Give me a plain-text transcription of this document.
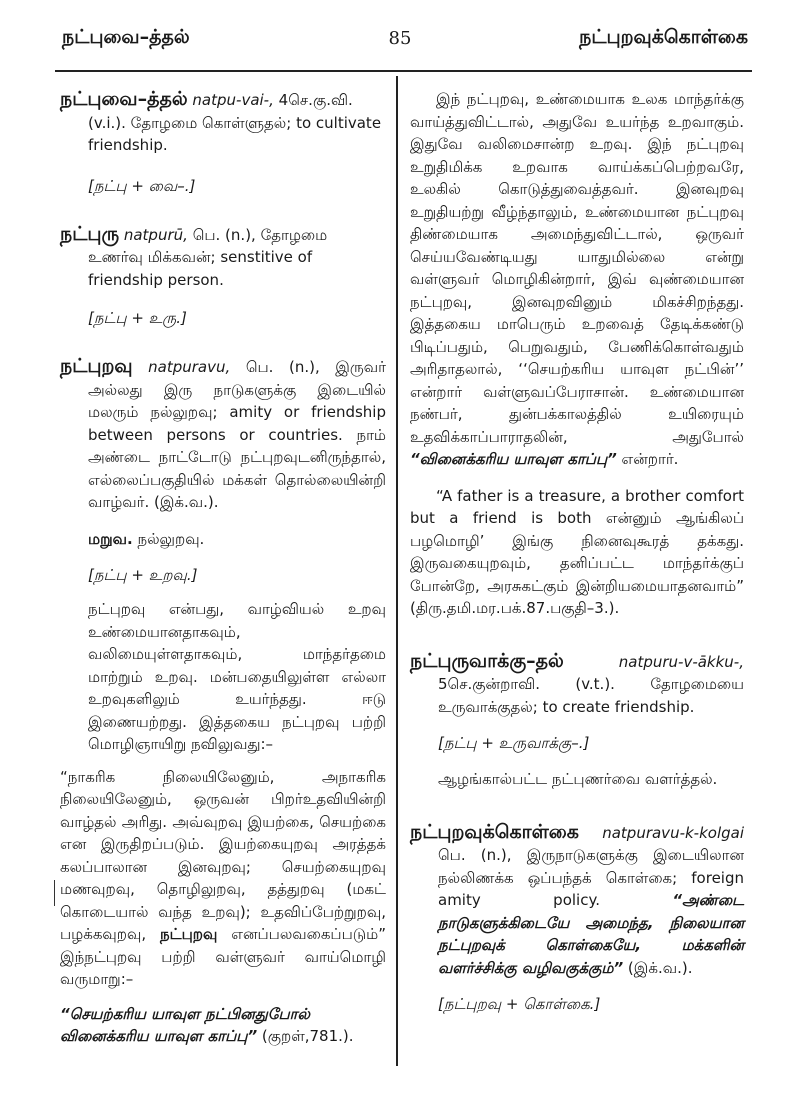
நட்புவை–த்தல்	85	நட்புறவுக்கொள்கை

நட்புவை–த்தல் natpu-vai-, 4செ.கு.வி. (v.i.). தோழமை கொள்ளுதல்; to cultivate friendship.

[நட்பு + வை–.]

நட்புரு natpurū, பெ. (n.), தோழமை உணர்வு மிக்கவன்; senstitive of friendship person.

[நட்பு + உரு.]

நட்புறவு natpuravu, பெ. (n.), இருவர் அல்லது இரு நாடுகளுக்கு இடையில் மலரும் நல்லுறவு; amity or friendship between persons or countries. நாம் அண்டை நாட்டோடு நட்புறவுடனிருந்தால், எல்லைப்பகுதியில் மக்கள் தொல்லையின்றி வாழ்வர். (இக்.வ.).

மறுவ. நல்லுறவு.

[நட்பு + உறவு.]

நட்புறவு என்பது, வாழ்வியல் உறவு உண்மையானதாகவும், வலிமையுள்ளதாகவும், மாந்தர்தமை மாற்றும் உறவு. மன்பதையிலுள்ள எல்லா உறவுகளிலும் உயர்ந்தது. ஈடு இணையற்றது. இத்தகைய நட்புறவு பற்றி மொழிஞாயிறு நவிலுவது:–

“நாகரிக நிலையிலேனும், அநாகரிக நிலையிலேனும், ஒருவன் பிறர்உதவியின்றி வாழ்தல் அரிது. அவ்வுறவு இயற்கை, செயற்கை என இருதிறப்படும். இயற்கையுறவு அரத்தக் கலப்பாலான இனவுறவு; செயற்கையுறவு மணவுறவு, தொழிலுறவு, தத்துறவு (மகட் கொடையால் வந்த உறவு); உதவிப்பேற்றுறவு, பழக்கவுறவு, நட்புறவு எனப்பலவகைப்படும்” இந்நட்புறவு பற்றி வள்ளுவர் வாய்மொழி வருமாறு:–

“செயற்கரிய யாவுள நட்பினதுபோல் வினைக்கரிய யாவுள காப்பு” (குறள்,781.).

இந் நட்புறவு, உண்மையாக உலக மாந்தர்க்கு வாய்த்துவிட்டால், அதுவே உயர்ந்த உறவாகும். இதுவே வலிமைசான்ற உறவு. இந் நட்புறவு உறுதிமிக்க உறவாக வாய்க்கப்பெற்றவரே, உலகில் கொடுத்துவைத்தவர். இனவுறவு உறுதியற்று வீழ்ந்தாலும், உண்மையான நட்புறவு திண்மையாக அமைந்துவிட்டால், ஒருவர் செய்யவேண்டியது யாதுமில்லை என்று வள்ளுவர் மொழிகின்றார், இவ் வுண்மையான நட்புறவு, இனவுறவினும் மிகச்சிறந்தது. இத்தகைய மாபெரும் உறவைத் தேடிக்கண்டு பிடிப்பதும், பெறுவதும், பேணிக்கொள்வதும் அரிதாதலால், ‘‘செயற்கரிய யாவுள நட்பின்’’ என்றார் வள்ளுவப்பேராசான். உண்மையான நண்பர், துன்பக்காலத்தில் உயிரையும் உதவிக்காப்பாராதலின், அதுபோல் “வினைக்கரிய யாவுள காப்பு” என்றார்.

“A father is a treasure, a brother comfort but a friend is both என்னும் ஆங்கிலப் பழமொழி’ இங்கு நினைவுகூரத் தக்கது. இருவகையுறவும், தனிப்பட்ட மாந்தர்க்குப் போன்றே, அரசுகட்கும் இன்றியமையாதனவாம்” (திரு.தமி.மர.பக்.87.பகுதி–3.).

நட்புருவாக்கு–தல்	natpuru-v-ākku-, 5செ.குன்றாவி. (v.t.). தோழமையை உருவாக்குதல்; to create friendship.

[நட்பு + உருவாக்கு–.]

ஆழங்கால்பட்ட நட்புணர்வை வளர்த்தல்.

நட்புறவுக்கொள்கை natpuravu-k-kolgai பெ. (n.), இருநாடுகளுக்கு இடையிலான நல்லிணக்க ஒப்பந்தக் கொள்கை; foreign amity policy.	“அண்டை நாடுகளுக்கிடையே அமைந்த, நிலையான நட்புறவுக் கொள்கையே, மக்களின் வளர்ச்சிக்கு வழிவகுக்கும்” (இக்.வ.).

[நட்புறவு + கொள்கை.]
